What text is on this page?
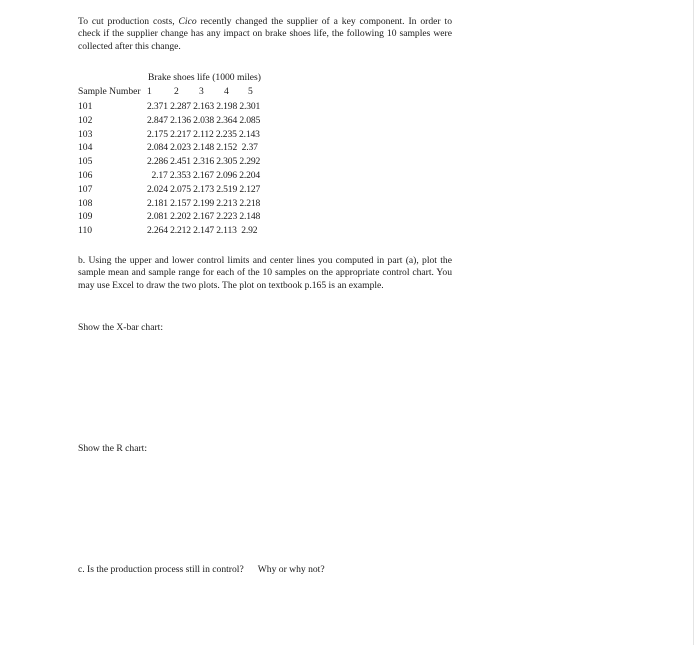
To cut production costs, Cico recently changed the supplier of a key component. In order to check if the supplier change has any impact on brake shoes life, the following 10 samples were collected after this change.
Brake shoes life (1000 miles)
Sample Number 1 2 3 4 5
101	2.371 2.287 2.163 2.198 2.301
102	2.847 2.136 2.038 2.364 2.085
103	2.175 2.217 2.112 2.235 2.143
104	2.084 2.023 2.148 2.152  2.37
105	2.286 2.451 2.316 2.305 2.292
106	2.17 2.353 2.167 2.096 2.204
107	2.024 2.075 2.173 2.519 2.127
108	2.181 2.157 2.199 2.213 2.218
109	2.081 2.202 2.167 2.223 2.148
110	2.264 2.212 2.147 2.113  2.92
b. Using the upper and lower control limits and center lines you computed in part (a), plot the sample mean and sample range for each of the 10 samples on the appropriate control chart. You may use Excel to draw the two plots. The plot on textbook p.165 is an example.
Show the X-bar chart:
Show the R chart:
c. Is the production process still in control? Why or why not?
